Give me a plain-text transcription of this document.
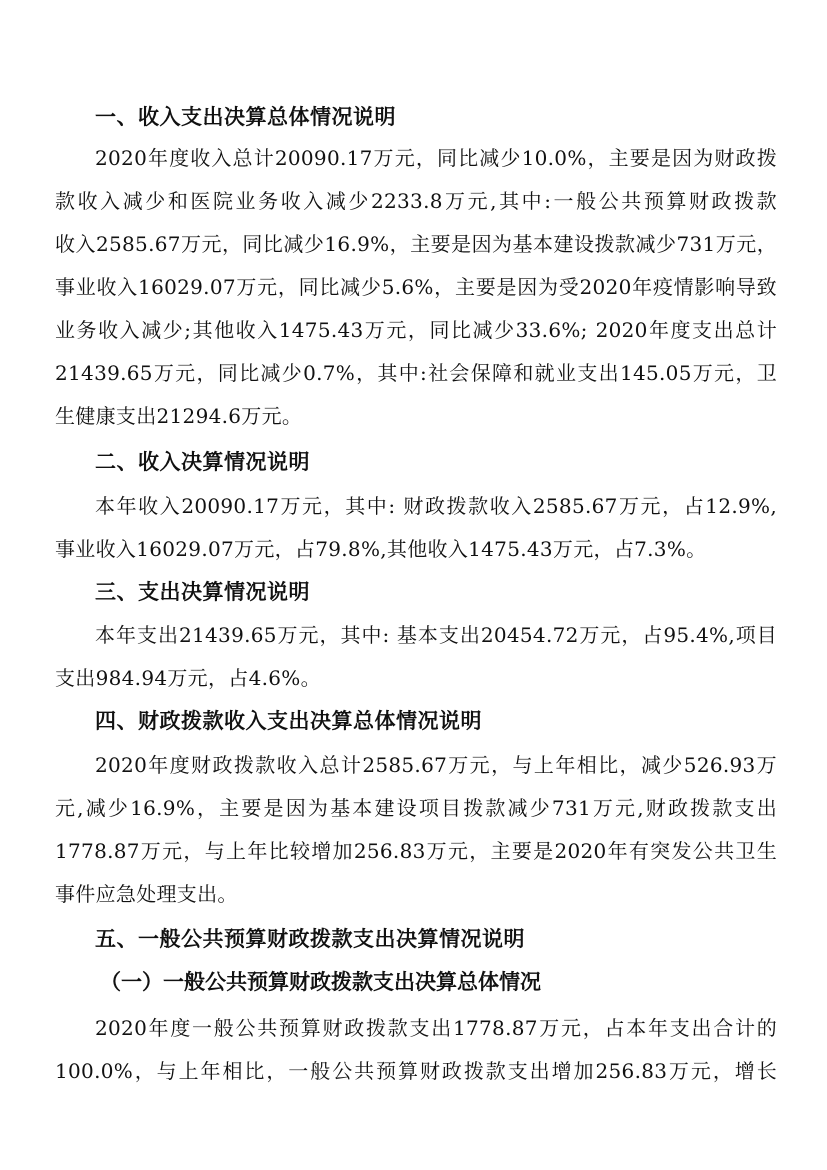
一、收入支出决算总体情况说明
2020年度收入总计20090.17万元，同比减少10.0%，主要是因为财政拨
款收入减少和医院业务收入减少2233.8万元,其中:一般公共预算财政拨款
收入2585.67万元，同比减少16.9%，主要是因为基本建设拨款减少731万元，
事业收入16029.07万元，同比减少5.6%，主要是因为受2020年疫情影响导致
业务收入减少;其他收入1475.43万元，同比减少33.6%; 2020年度支出总计
21439.65万元，同比减少0.7%，其中:社会保障和就业支出145.05万元，卫
生健康支出21294.6万元。
二、收入决算情况说明
本年收入20090.17万元，其中: 财政拨款收入2585.67万元，占12.9%,
事业收入16029.07万元，占79.8%,其他收入1475.43万元，占7.3%。
三、支出决算情况说明
本年支出21439.65万元，其中: 基本支出20454.72万元，占95.4%,项目
支出984.94万元，占4.6%。
四、财政拨款收入支出决算总体情况说明
2020年度财政拨款收入总计2585.67万元，与上年相比，减少526.93万
元,减少16.9%，主要是因为基本建设项目拨款减少731万元,财政拨款支出
1778.87万元，与上年比较增加256.83万元，主要是2020年有突发公共卫生
事件应急处理支出。
五、一般公共预算财政拨款支出决算情况说明
（一）一般公共预算财政拨款支出决算总体情况
2020年度一般公共预算财政拨款支出1778.87万元，占本年支出合计的
100.0%，与上年相比，一般公共预算财政拨款支出增加256.83万元，增长
